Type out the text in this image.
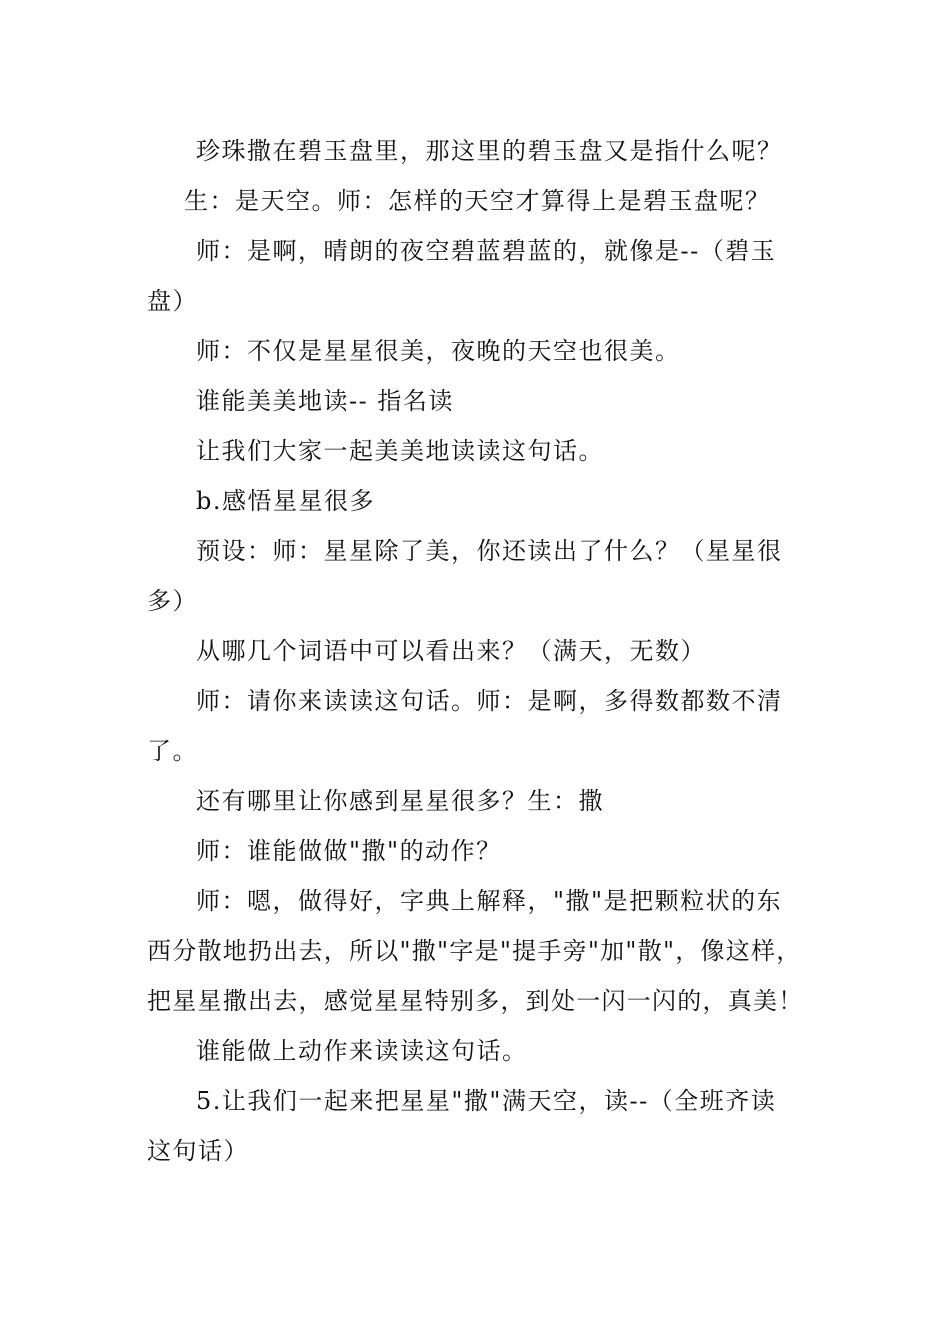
珍珠撒在碧玉盘里，那这里的碧玉盘又是指什么呢？
生：是天空。师：怎样的天空才算得上是碧玉盘呢？
师：是啊，晴朗的夜空碧蓝碧蓝的，就像是--（碧玉
盘）
师：不仅是星星很美，夜晚的天空也很美。
谁能美美地读-- 指名读
让我们大家一起美美地读读这句话。
b.感悟星星很多
预设：师：星星除了美，你还读出了什么？（星星很
多）
从哪几个词语中可以看出来？（满天，无数）
师：请你来读读这句话。师：是啊，多得数都数不清
了。
还有哪里让你感到星星很多？生：撒
师：谁能做做"撒"的动作？
师：嗯，做得好，字典上解释，"撒"是把颗粒状的东
西分散地扔出去，所以"撒"字是"提手旁"加"散"，像这样，
把星星撒出去，感觉星星特别多，到处一闪一闪的，真美！
谁能做上动作来读读这句话。
5.让我们一起来把星星"撒"满天空，读--（全班齐读
这句话）
